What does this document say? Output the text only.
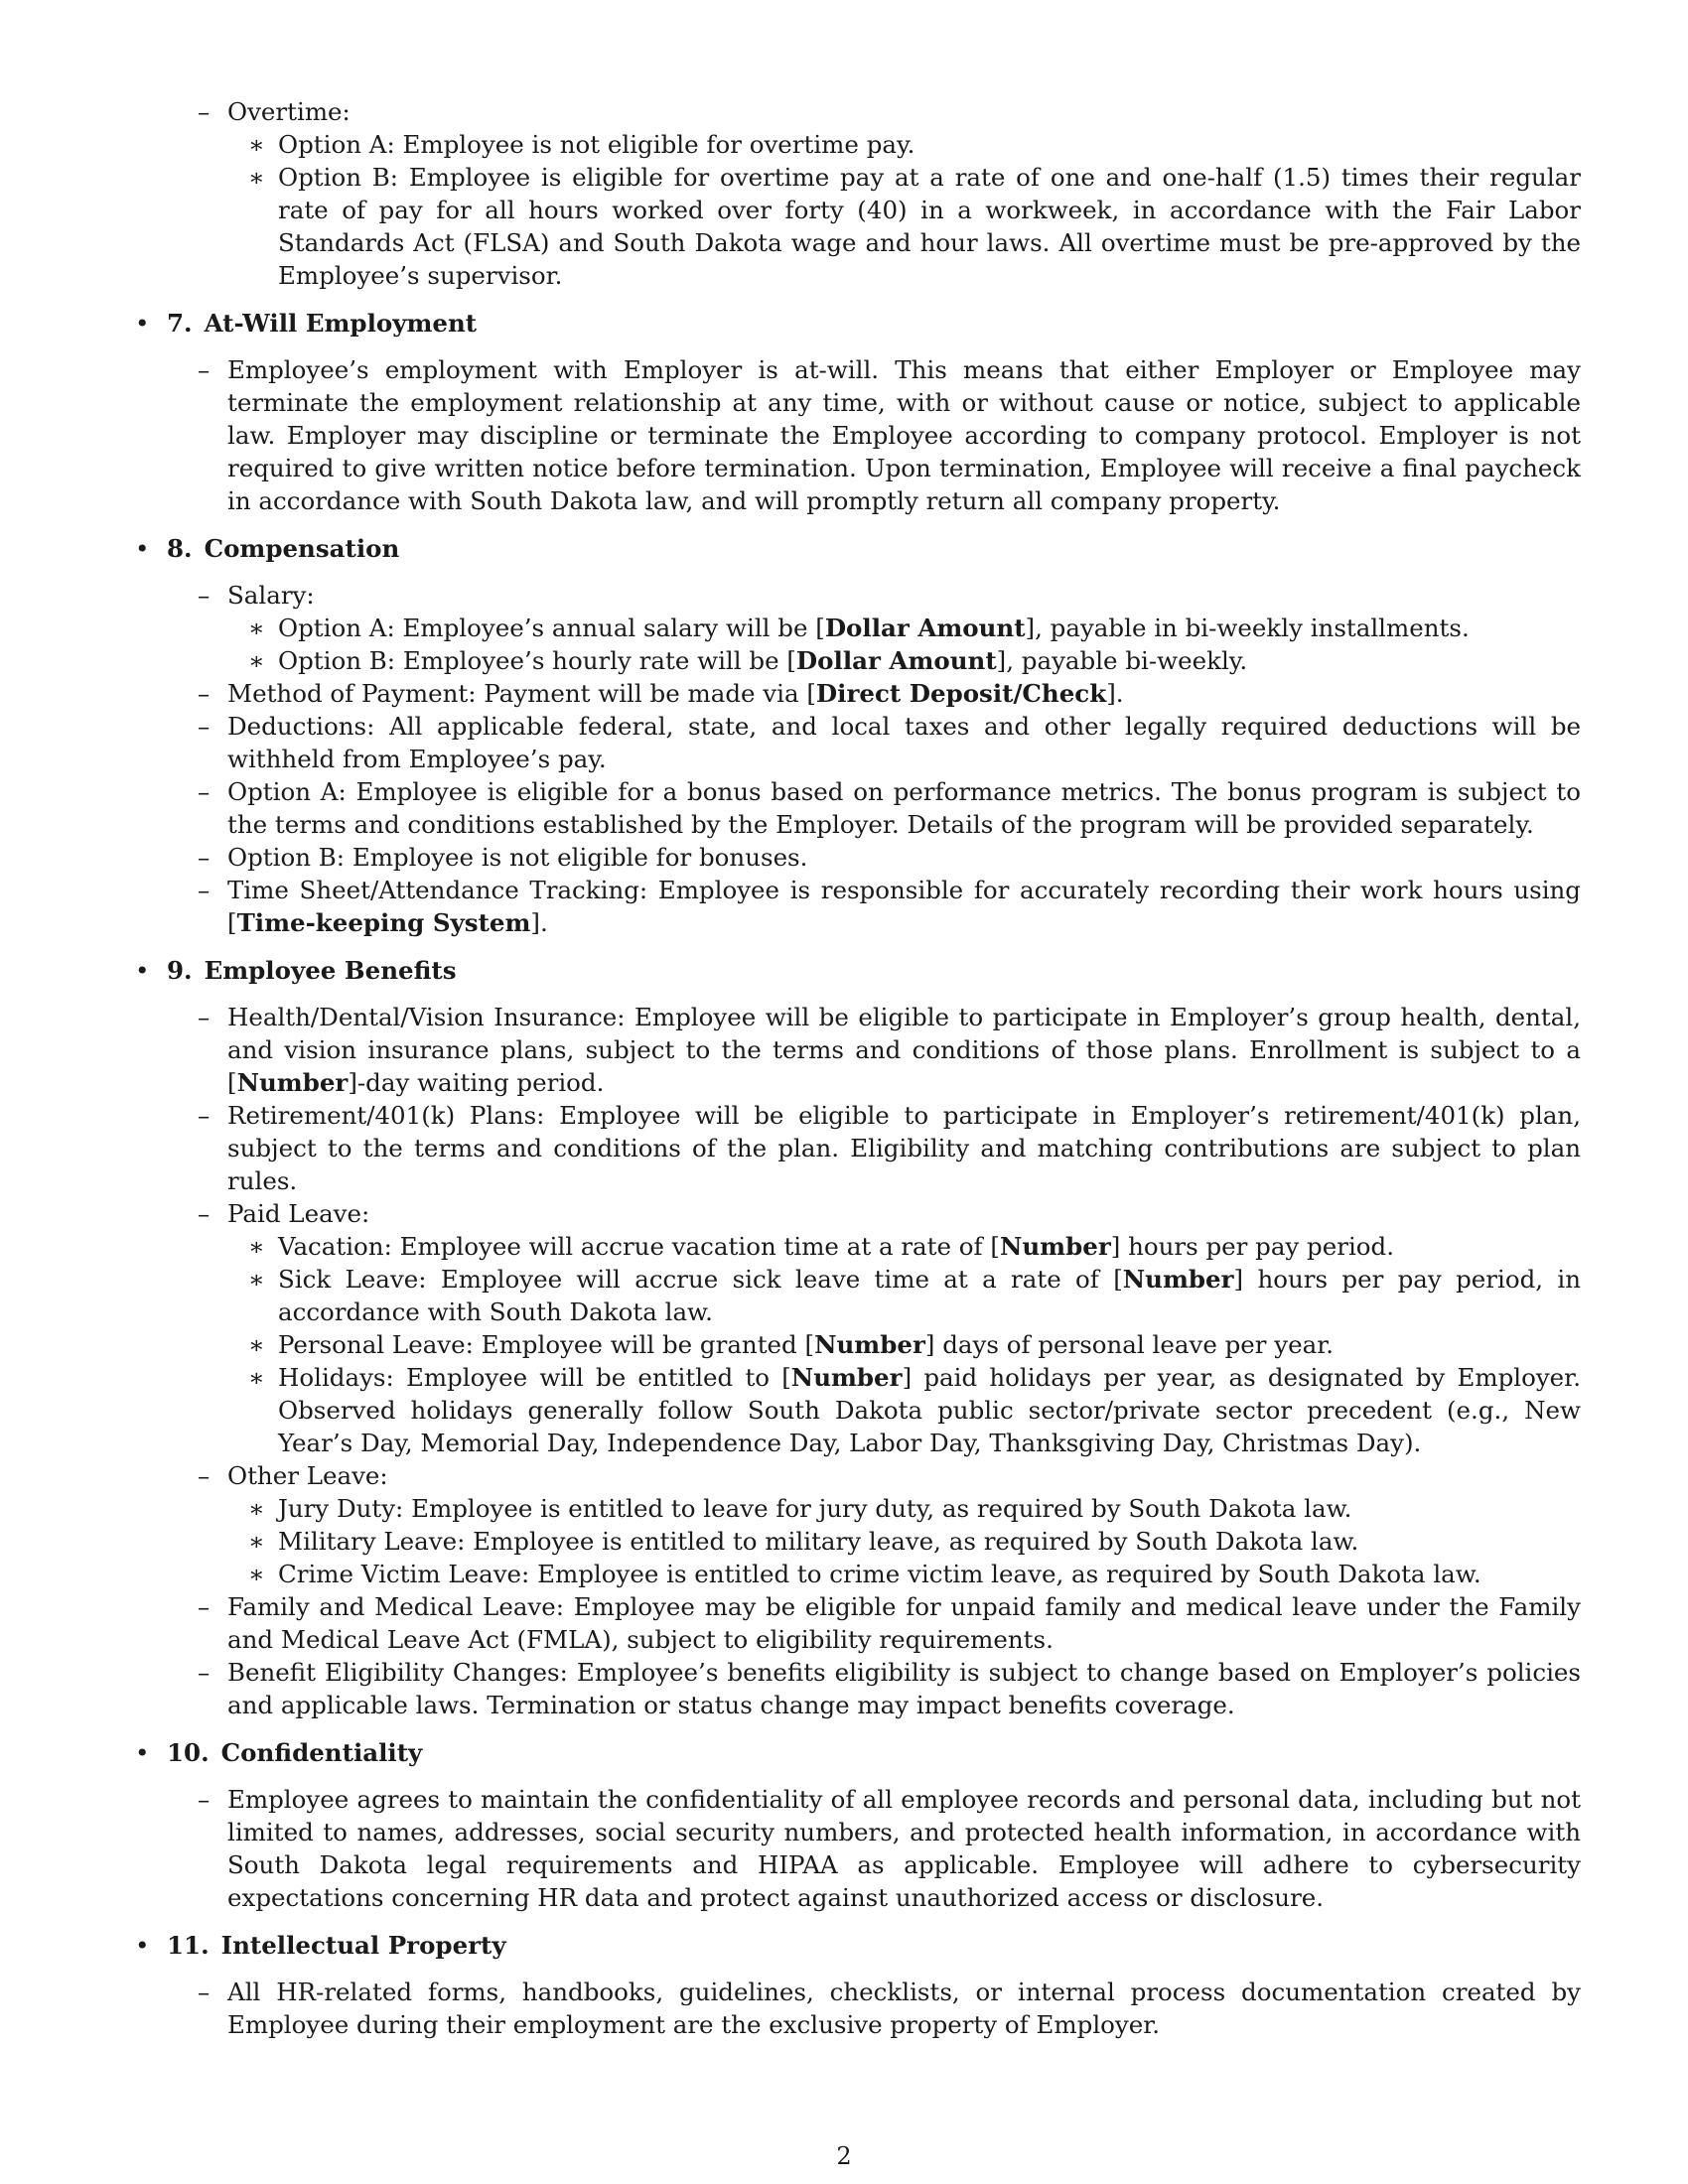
– Overtime:
∗ Option A: Employee is not eligible for overtime pay.
∗ Option B: Employee is eligible for overtime pay at a rate of one and one-half (1.5) times their regular rate of pay for all hours worked over forty (40) in a workweek, in accordance with the Fair Labor Standards Act (FLSA) and South Dakota wage and hour laws. All overtime must be pre-approved by the Employee’s supervisor.
• 7. At-Will Employment
– Employee’s employment with Employer is at-will. This means that either Employer or Employee may terminate the employment relationship at any time, with or without cause or notice, subject to applicable law. Employer may discipline or terminate the Employee according to company protocol. Employer is not required to give written notice before termination. Upon termination, Employee will receive a final paycheck in accordance with South Dakota law, and will promptly return all company property.
• 8. Compensation
– Salary:
∗ Option A: Employee’s annual salary will be [Dollar Amount], payable in bi-weekly installments.
∗ Option B: Employee’s hourly rate will be [Dollar Amount], payable bi-weekly.
– Method of Payment: Payment will be made via [Direct Deposit/Check].
– Deductions: All applicable federal, state, and local taxes and other legally required deductions will be withheld from Employee’s pay.
– Option A: Employee is eligible for a bonus based on performance metrics. The bonus program is subject to the terms and conditions established by the Employer. Details of the program will be provided separately.
– Option B: Employee is not eligible for bonuses.
– Time Sheet/Attendance Tracking: Employee is responsible for accurately recording their work hours using [Time-keeping System].
• 9. Employee Benefits
– Health/Dental/Vision Insurance: Employee will be eligible to participate in Employer’s group health, dental, and vision insurance plans, subject to the terms and conditions of those plans. Enrollment is subject to a [Number]-day waiting period.
– Retirement/401(k) Plans: Employee will be eligible to participate in Employer’s retirement/401(k) plan, subject to the terms and conditions of the plan. Eligibility and matching contributions are subject to plan rules.
– Paid Leave:
∗ Vacation: Employee will accrue vacation time at a rate of [Number] hours per pay period.
∗ Sick Leave: Employee will accrue sick leave time at a rate of [Number] hours per pay period, in accordance with South Dakota law.
∗ Personal Leave: Employee will be granted [Number] days of personal leave per year.
∗ Holidays: Employee will be entitled to [Number] paid holidays per year, as designated by Employer. Observed holidays generally follow South Dakota public sector/private sector precedent (e.g., New Year’s Day, Memorial Day, Independence Day, Labor Day, Thanksgiving Day, Christmas Day).
– Other Leave:
∗ Jury Duty: Employee is entitled to leave for jury duty, as required by South Dakota law.
∗ Military Leave: Employee is entitled to military leave, as required by South Dakota law.
∗ Crime Victim Leave: Employee is entitled to crime victim leave, as required by South Dakota law.
– Family and Medical Leave: Employee may be eligible for unpaid family and medical leave under the Family and Medical Leave Act (FMLA), subject to eligibility requirements.
– Benefit Eligibility Changes: Employee’s benefits eligibility is subject to change based on Employer’s policies and applicable laws. Termination or status change may impact benefits coverage.
• 10. Confidentiality
– Employee agrees to maintain the confidentiality of all employee records and personal data, including but not limited to names, addresses, social security numbers, and protected health information, in accordance with South Dakota legal requirements and HIPAA as applicable. Employee will adhere to cybersecurity expectations concerning HR data and protect against unauthorized access or disclosure.
• 11. Intellectual Property
– All HR-related forms, handbooks, guidelines, checklists, or internal process documentation created by Employee during their employment are the exclusive property of Employer.
2
